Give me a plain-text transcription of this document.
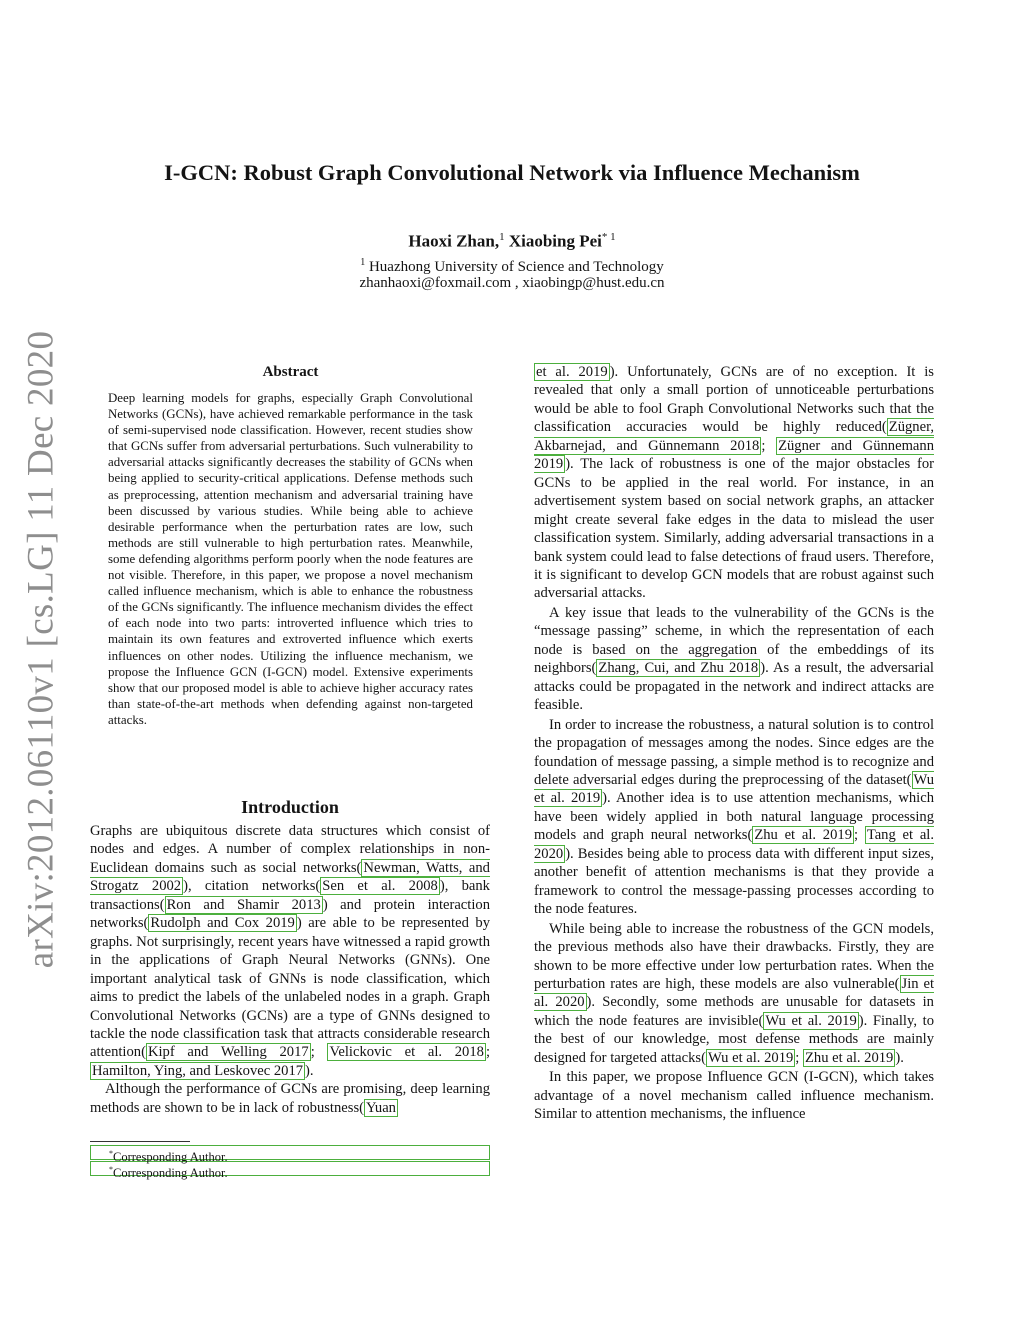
arXiv:2012.06110v1 [cs.LG] 11 Dec 2020
I-GCN: Robust Graph Convolutional Network via Influence Mechanism
Haoxi Zhan,$^1$ Xiaobing Pei$^{* 1}$
$^1$ Huazhong University of Science and Technology
zhanhaoxi@foxmail.com , xiaobingp@hust.edu.cn
Abstract

Deep learning models for graphs, especially Graph Convolutional Networks (GCNs), have achieved remarkable performance in the task of semi-supervised node classification. However, recent studies show that GCNs suffer from adversarial perturbations. Such vulnerability to adversarial attacks significantly decreases the stability of GCNs when being applied to security-critical applications. Defense methods such as preprocessing, attention mechanism and adversarial training have been discussed by various studies. While being able to achieve desirable performance when the perturbation rates are low, such methods are still vulnerable to high perturbation rates. Meanwhile, some defending algorithms perform poorly when the node features are not visible. Therefore, in this paper, we propose a novel mechanism called influence mechanism, which is able to enhance the robustness of the GCNs significantly. The influence mechanism divides the effect of each node into two parts: introverted influence which tries to maintain its own features and extroverted influence which exerts influences on other nodes. Utilizing the influence mechanism, we propose the Influence GCN (I-GCN) model. Extensive experiments show that our proposed model is able to achieve higher accuracy rates than state-of-the-art methods when defending against non-targeted attacks.

Introduction

Graphs are ubiquitous discrete data structures which consist of nodes and edges. A number of complex relationships in non-Euclidean domains such as social networks( Newman, Watts, and Strogatz 2002 ), citation networks( Sen et al. 2008 ), bank transactions( Ron and Shamir 2013 ) and protein interaction networks( Rudolph and Cox 2019 ) are able to be represented by graphs. Not surprisingly, recent years have witnessed a rapid growth in the applications of Graph Neural Networks (GNNs). One important analytical task of GNNs is node classification, which aims to predict the labels of the unlabeled nodes in a graph. Graph Convolutional Networks (GCNs) are a type of GNNs designed to tackle the node classification task that attracts considerable research attention( Kipf and Welling 2017 ; Velickovic et al. 2018 ; Hamilton, Ying, and Leskovec 2017 ).

Although the performance of GCNs are promising, deep learning methods are shown to be in lack of robustness( Yuan

*Corresponding Author.
*Corresponding Author.

et al. 2019 ). Unfortunately, GCNs are of no exception. It is revealed that only a small portion of unnoticeable perturbations would be able to fool Graph Convolutional Networks such that the classification accuracies would be highly reduced( Zügner, Akbarnejad, and Günnemann 2018 ; Zügner and Günnemann 2019 ). The lack of robustness is one of the major obstacles for GCNs to be applied in the real world. For instance, in an advertisement system based on social network graphs, an attacker might create several fake edges in the data to mislead the user classification system. Similarly, adding adversarial transactions in a bank system could lead to false detections of fraud users. Therefore, it is significant to develop GCN models that are robust against such adversarial attacks.

A key issue that leads to the vulnerability of the GCNs is the “message passing” scheme, in which the representation of each node is based on the aggregation of the embeddings of its neighbors( Zhang, Cui, and Zhu 2018 ). As a result, the adversarial attacks could be propagated in the network and indirect attacks are feasible.

In order to increase the robustness, a natural solution is to control the propagation of messages among the nodes. Since edges are the foundation of message passing, a simple method is to recognize and delete adversarial edges during the preprocessing of the dataset( Wu et al. 2019 ). Another idea is to use attention mechanisms, which have been widely applied in both natural language processing models and graph neural networks( Zhu et al. 2019 ; Tang et al. 2020 ). Besides being able to process data with different input sizes, another benefit of attention mechanisms is that they provide a framework to control the message-passing processes according to the node features.

While being able to increase the robustness of the GCN models, the previous methods also have their drawbacks. Firstly, they are shown to be more effective under low perturbation rates. When the perturbation rates are high, these models are also vulnerable( Jin et al. 2020 ). Secondly, some methods are unusable for datasets in which the node features are invisible( Wu et al. 2019 ). Finally, to the best of our knowledge, most defense methods are mainly designed for targeted attacks( Wu et al. 2019 ; Zhu et al. 2019 ).

In this paper, we propose Influence GCN (I-GCN), which takes advantage of a novel mechanism called influence mechanism. Similar to attention mechanisms, the influence
